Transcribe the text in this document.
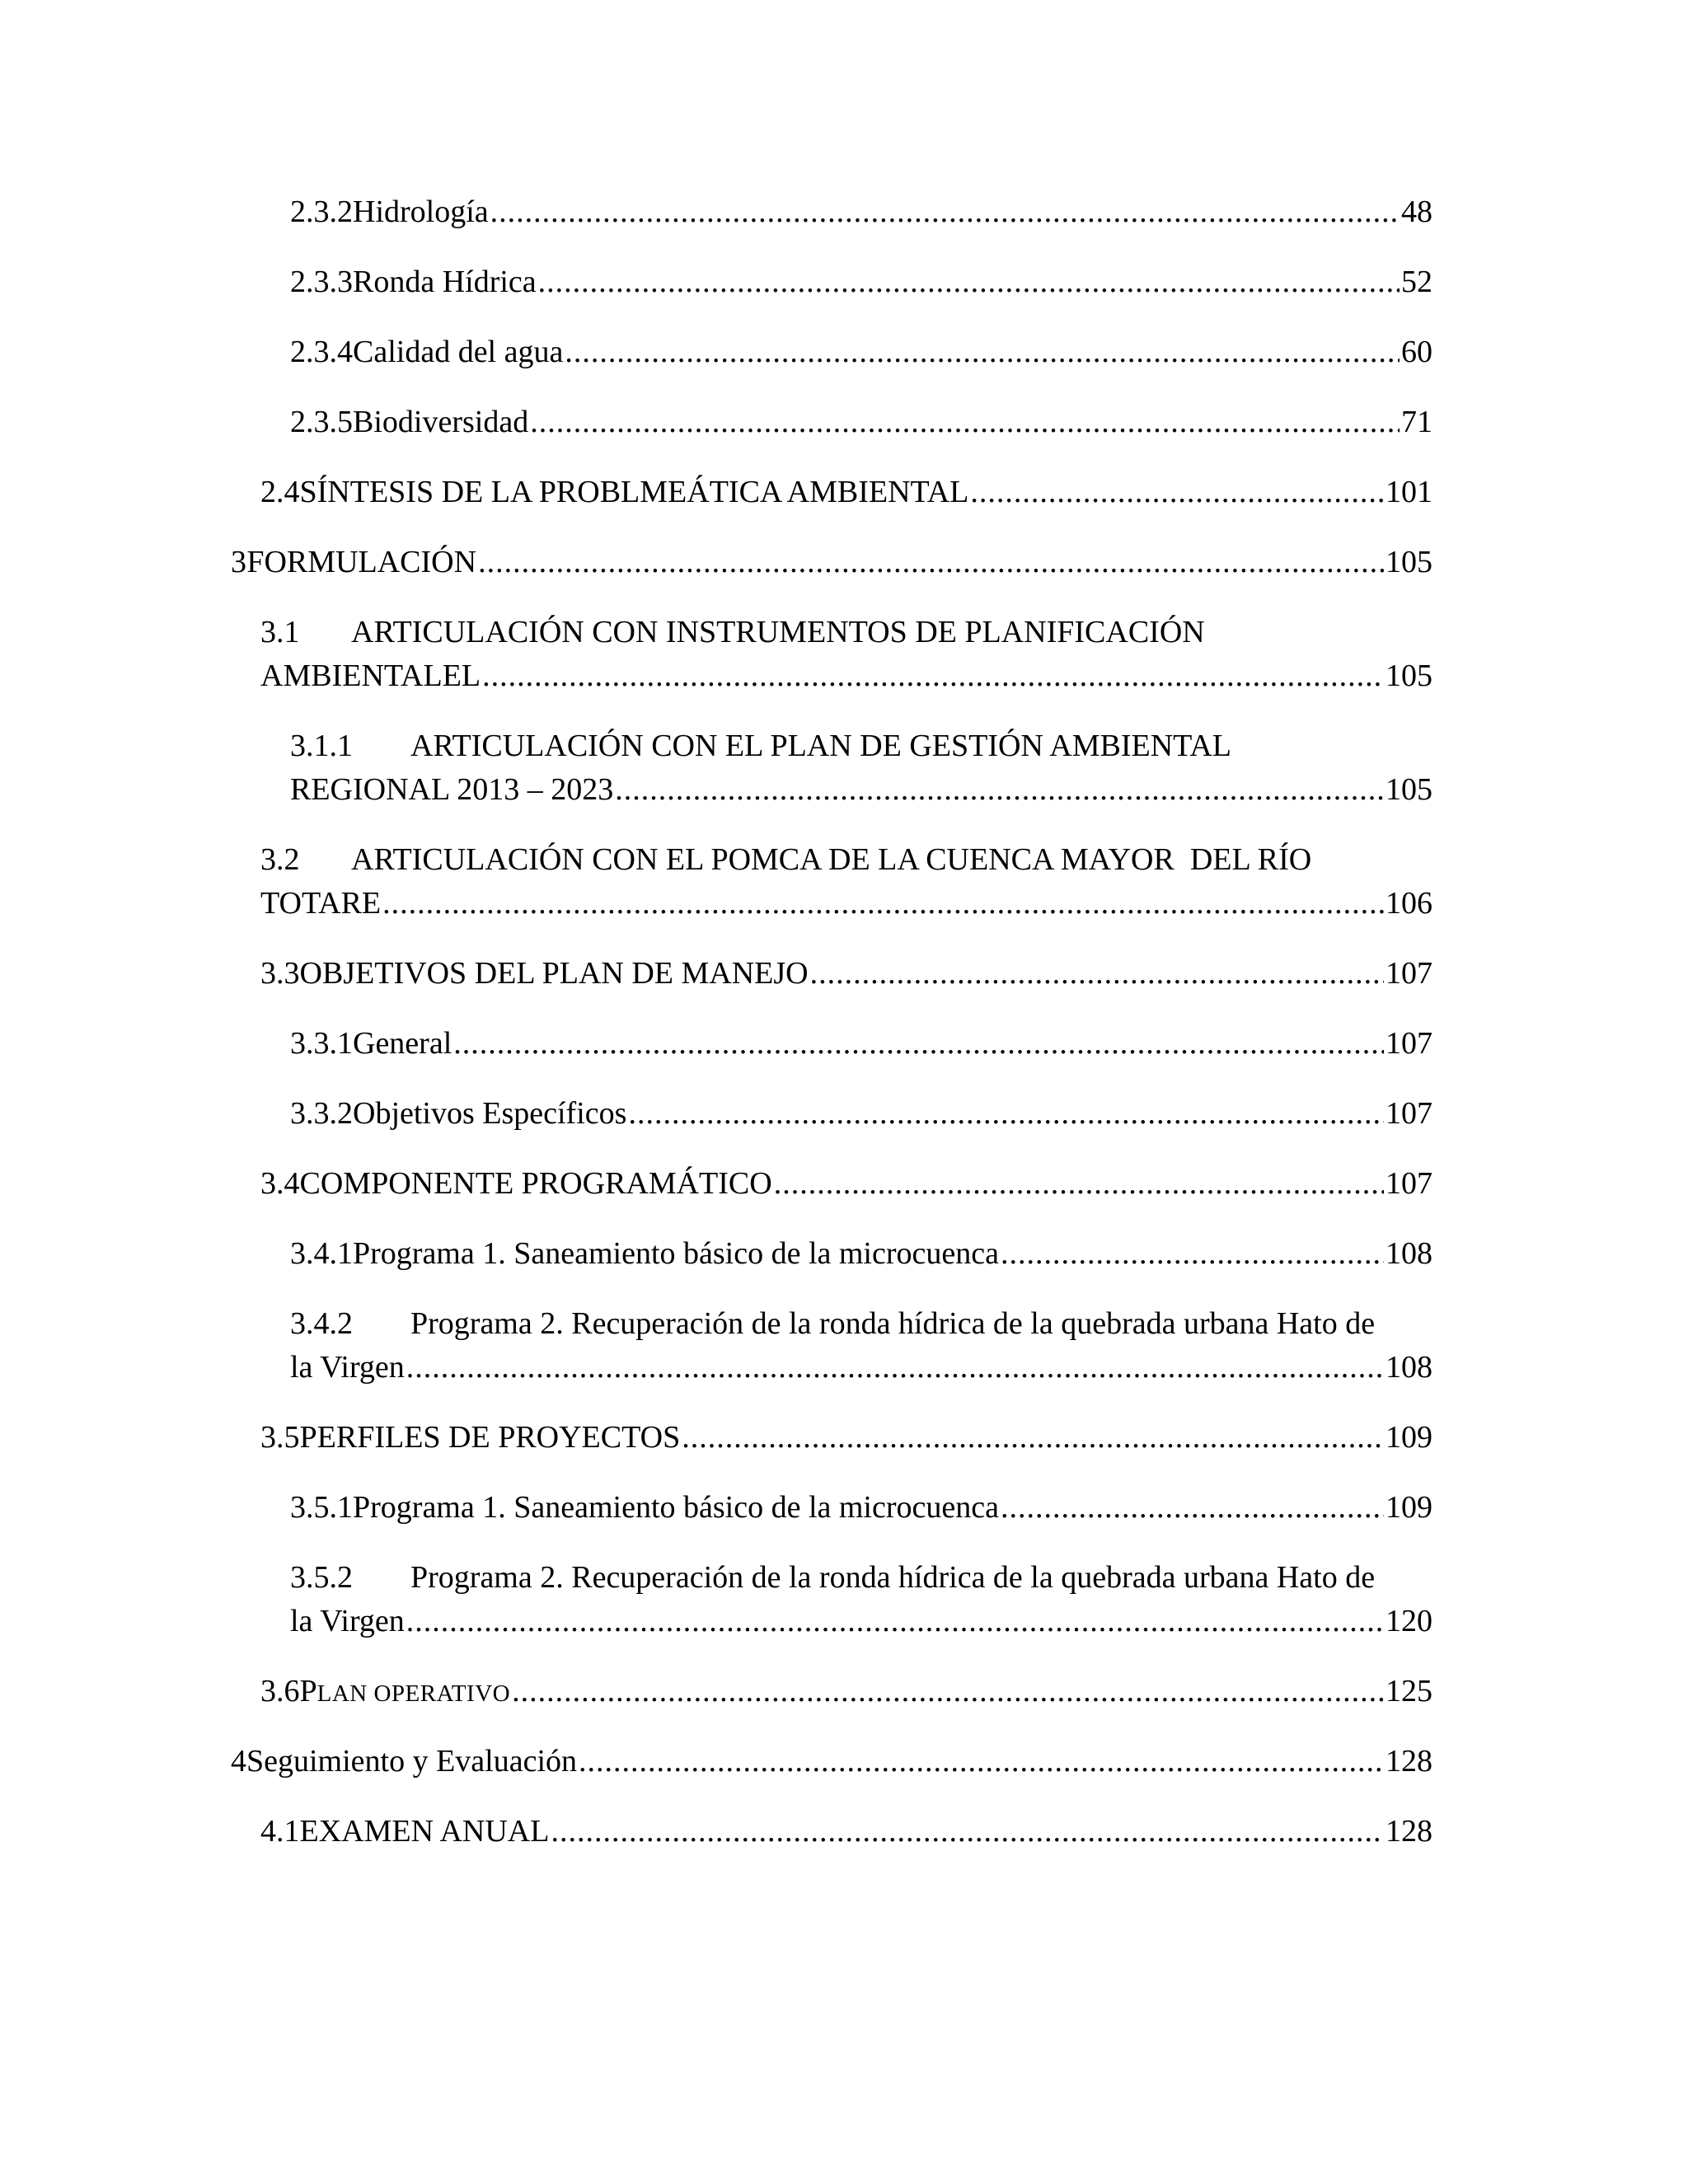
2.3.2 Hidrología .....	48
2.3.3 Ronda Hídrica .....	52
2.3.4 Calidad del agua .....	60
2.3.5 Biodiversidad .....	71
2.4 SÍNTESIS DE LA PROBLMEÁTICA AMBIENTAL .....	101
3 FORMULACIÓN .....	105
3.1	ARTICULACIÓN CON INSTRUMENTOS DE PLANIFICACIÓN
AMBIENTALEL .....	105
3.1.1	ARTICULACIÓN CON EL PLAN DE GESTIÓN AMBIENTAL
REGIONAL 2013 – 2023 .....	105
3.2	ARTICULACIÓN CON EL POMCA DE LA CUENCA MAYOR  DEL RÍO
TOTARE .....	106
3.3 OBJETIVOS DEL PLAN DE MANEJO .....	107
3.3.1 General .....	107
3.3.2 Objetivos Específicos .....	107
3.4 COMPONENTE PROGRAMÁTICO .....	107
3.4.1 Programa 1. Saneamiento básico de la microcuenca .....	108
3.4.2	Programa 2. Recuperación de la ronda hídrica de la quebrada urbana Hato de
la Virgen .....	108
3.5 PERFILES DE PROYECTOS .....	109
3.5.1 Programa 1. Saneamiento básico de la microcuenca .....	109
3.5.2	Programa 2. Recuperación de la ronda hídrica de la quebrada urbana Hato de
la Virgen .....	120
3.6 PLAN OPERATIVO .....	125
4 Seguimiento y Evaluación .....	128
4.1 EXAMEN ANUAL .....	128
